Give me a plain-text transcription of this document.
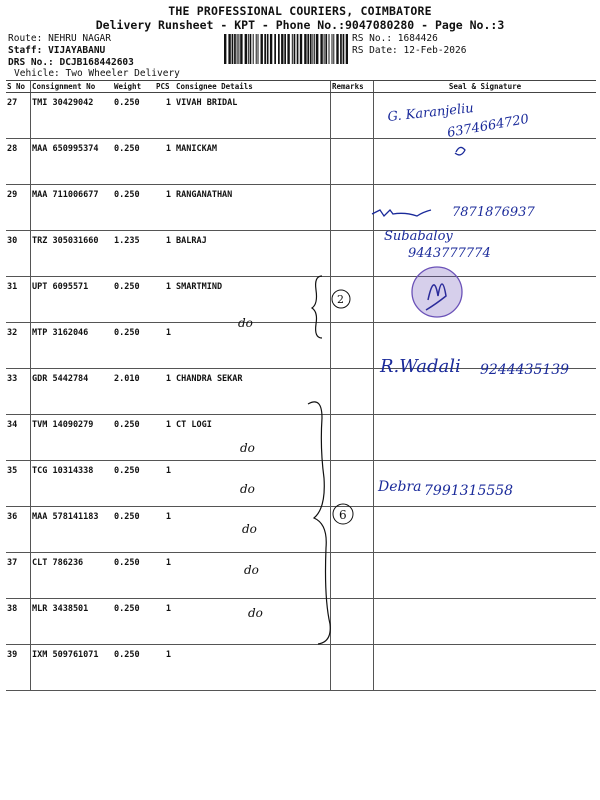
THE PROFESSIONAL COURIERS, COIMBATORE
Delivery Runsheet - KPT - Phone No.:9047080280 - Page No.:3
Route: NEHRU NAGAR
Staff: VIJAYABANU
DRS No.: DCJB168442603
Vehicle: Two Wheeler Delivery
RS No.: 1684426
RS Date: 12-Feb-2026
S No	Consignment No	Weight	PCS	Consignee Details	Remarks	Seal & Signature
27	TMI 30429042	0.250	1	VIVAH BRIDAL		
28	MAA 650995374	0.250	1	MANICKAM		
29	MAA 711006677	0.250	1	RANGANATHAN		
30	TRZ 305031660	1.235	1	BALRAJ		
31	UPT 6095571	0.250	1	SMARTMIND		
32	MTP 3162046	0.250	1			
33	GDR 5442784	2.010	1	CHANDRA SEKAR		
34	TVM 14090279	0.250	1	CT LOGI		
35	TCG 10314338	0.250	1			
36	MAA 578141183	0.250	1			
37	CLT 786236	0.250	1			
38	MLR 3438501	0.250	1			
39	IXM 509761071	0.250	1			
G. Karanjeliu
6374664720
7871876937
Subabaloy
9443777774
2
do
R.Wadali 9244435139
6
do
do
do
do
do
Debra 7991315558
